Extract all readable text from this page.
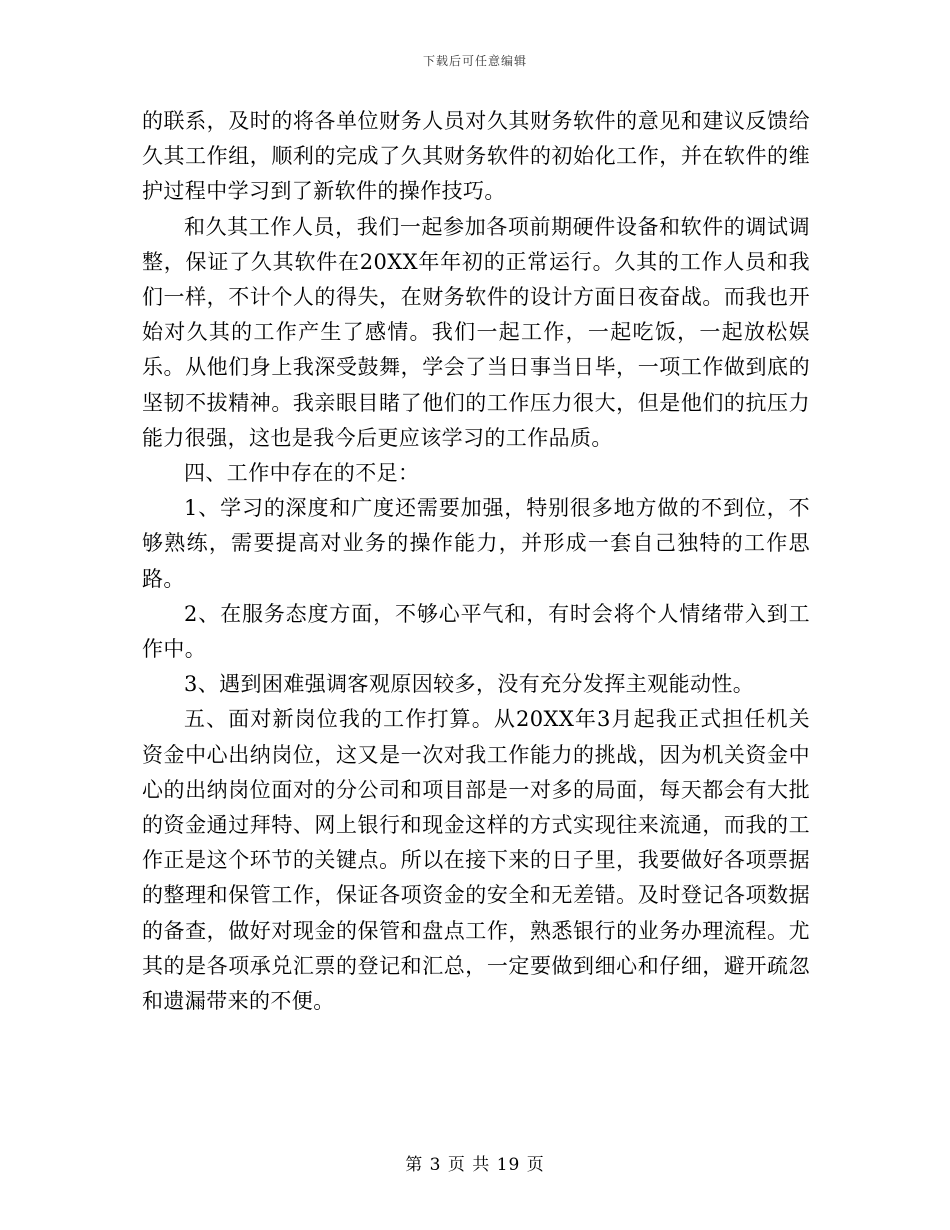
下载后可任意编辑

的联系，及时的将各单位财务人员对久其财务软件的意见和建议反馈给久其工作组，顺利的完成了久其财务软件的初始化工作，并在软件的维护过程中学习到了新软件的操作技巧。

和久其工作人员，我们一起参加各项前期硬件设备和软件的调试调整，保证了久其软件在20XX年年初的正常运行。久其的工作人员和我们一样，不计个人的得失，在财务软件的设计方面日夜奋战。而我也开始对久其的工作产生了感情。我们一起工作，一起吃饭，一起放松娱乐。从他们身上我深受鼓舞，学会了当日事当日毕，一项工作做到底的坚韧不拔精神。我亲眼目睹了他们的工作压力很大，但是他们的抗压力能力很强，这也是我今后更应该学习的工作品质。

四、工作中存在的不足：

1、学习的深度和广度还需要加强，特别很多地方做的不到位，不够熟练，需要提高对业务的操作能力，并形成一套自己独特的工作思路。

2、在服务态度方面，不够心平气和，有时会将个人情绪带入到工作中。

3、遇到困难强调客观原因较多，没有充分发挥主观能动性。

五、面对新岗位我的工作打算。从20XX年3月起我正式担任机关资金中心出纳岗位，这又是一次对我工作能力的挑战，因为机关资金中心的出纳岗位面对的分公司和项目部是一对多的局面，每天都会有大批的资金通过拜特、网上银行和现金这样的方式实现往来流通，而我的工作正是这个环节的关键点。所以在接下来的日子里，我要做好各项票据的整理和保管工作，保证各项资金的安全和无差错。及时登记各项数据的备查，做好对现金的保管和盘点工作，熟悉银行的业务办理流程。尤其的是各项承兑汇票的登记和汇总，一定要做到细心和仔细，避开疏忽和遗漏带来的不便。

第 3 页 共 19 页
